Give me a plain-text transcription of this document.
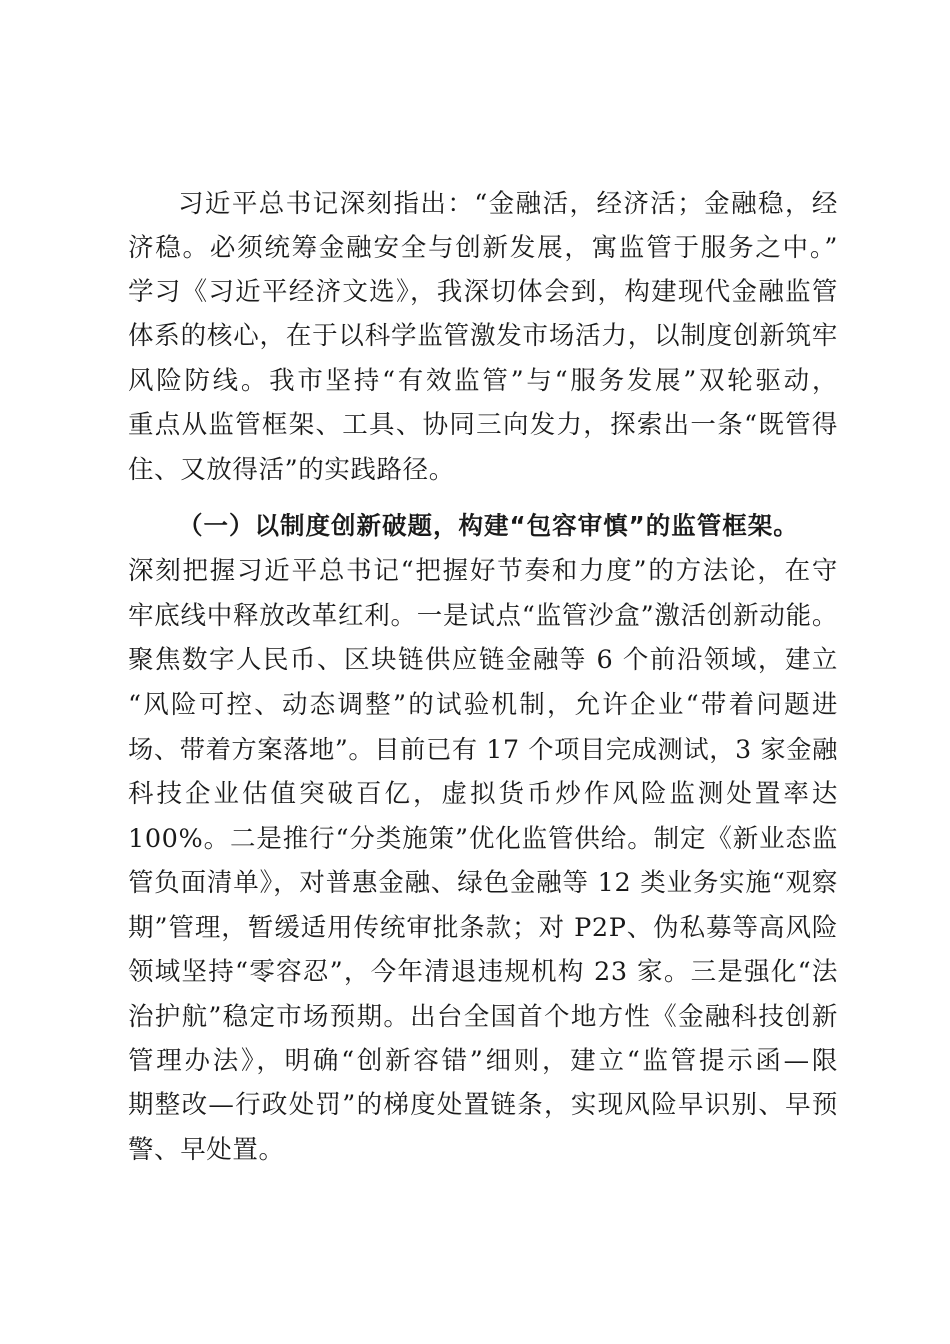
习近平总书记深刻指出：“金融活，经济活；金融稳，经
济稳。必须统筹金融安全与创新发展，寓监管于服务之中。”
学习《习近平经济文选》，我深切体会到，构建现代金融监管
体系的核心，在于以科学监管激发市场活力，以制度创新筑牢
风险防线。我市坚持“有效监管”与“服务发展”双轮驱动，
重点从监管框架、工具、协同三向发力，探索出一条“既管得
住、又放得活”的实践路径。
（一）以制度创新破题，构建“包容审慎”的监管框架。
深刻把握习近平总书记“把握好节奏和力度”的方法论，在守
牢底线中释放改革红利。一是试点“监管沙盒”激活创新动能。
聚焦数字人民币、区块链供应链金融等 6 个前沿领域，建立
“风险可控、动态调整”的试验机制，允许企业“带着问题进
场、带着方案落地”。目前已有 17 个项目完成测试，3 家金融
科技企业估值突破百亿，虚拟货币炒作风险监测处置率达
100%。二是推行“分类施策”优化监管供给。制定《新业态监
管负面清单》，对普惠金融、绿色金融等 12 类业务实施“观察
期”管理，暂缓适用传统审批条款；对 P2P、伪私募等高风险
领域坚持“零容忍”，今年清退违规机构 23 家。三是强化“法
治护航”稳定市场预期。出台全国首个地方性《金融科技创新
管理办法》，明确“创新容错”细则，建立“监管提示函—限
期整改—行政处罚”的梯度处置链条，实现风险早识别、早预
警、早处置。
